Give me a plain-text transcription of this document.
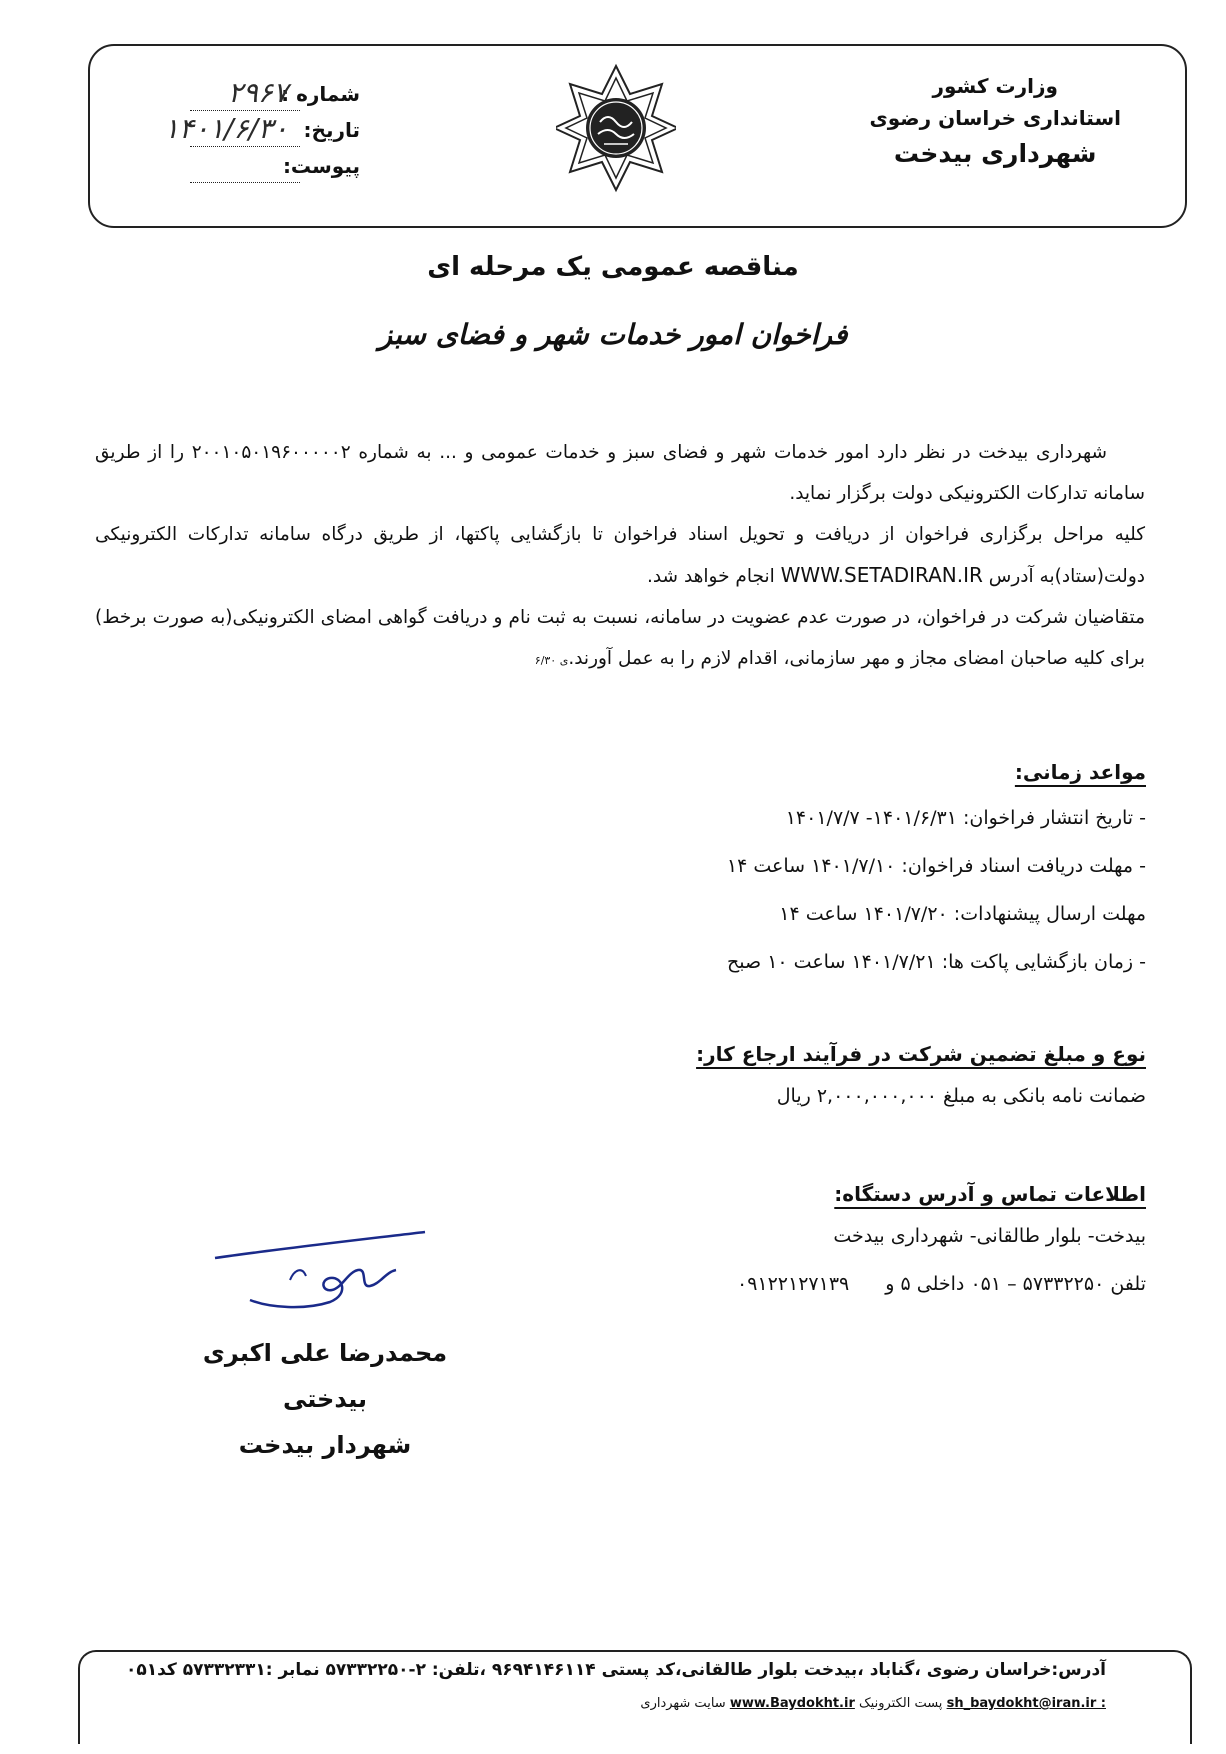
وزارت کشور
استانداری خراسان رضوی
شهرداری بیدخت
شماره :
۲۹۶۷
تاریخ:
۱۴۰۱/۶/۳۰
پیوست:
مناقصه عمومی یک مرحله ای
فراخوان امور خدمات شهر و فضای سبز

شهرداری بیدخت در نظر دارد امور خدمات شهر و فضای سبز و خدمات عمومی و ... به شماره ۲۰۰۱۰۵۰۱۹۶۰۰۰۰۰۲ را از طریق سامانه تدارکات الکترونیکی دولت برگزار نماید.

کلیه مراحل برگزاری فراخوان از دریافت و تحویل اسناد فراخوان تا بازگشایی پاکتها، از طریق درگاه سامانه تدارکات الکترونیکی دولت(ستاد)به آدرس WWW.SETADIRAN.IR انجام خواهد شد.

متقاضیان شرکت در فراخوان، در صورت عدم عضویت در سامانه، نسبت به ثبت نام و دریافت گواهی امضای الکترونیکی(به صورت برخط) برای کلیه صاحبان امضای مجاز و مهر سازمانی، اقدام لازم را به عمل آورند.ی ۶/۳۰

مواعد زمانی:
- تاریخ انتشار فراخوان: ۱۴۰۱/۶/۳۱- ۱۴۰۱/۷/۷
- مهلت دریافت اسناد فراخوان: ۱۴۰۱/۷/۱۰ ساعت ۱۴
مهلت ارسال پیشنهادات: ۱۴۰۱/۷/۲۰ ساعت ۱۴
- زمان بازگشایی پاکت ها: ۱۴۰۱/۷/۲۱ ساعت ۱۰ صبح
نوع و مبلغ تضمین شرکت در فرآیند ارجاع کار:
ضمانت نامه بانکی به مبلغ ۲,۰۰۰,۰۰۰,۰۰۰ ریال
اطلاعات تماس و آدرس دستگاه:
بیدخت- بلوار طالقانی- شهرداری بیدخت
تلفن ۵۷۳۳۲۲۵۰ – ۰۵۱ داخلی ۵ و ۰۹۱۲۲۱۲۷۱۳۹
محمدرضا علی اکبری بیدختی
شهردار بیدخت
آدرس:خراسان رضوی ،گناباد ،بیدخت بلوار طالقانی،کد پستی ۹۶۹۴۱۴۶۱۱۴ ،تلفن: ۲-۵۷۳۳۲۲۵۰ نمابر :۵۷۳۳۲۳۳۱ کد۰۵۱
sh_baydokht@iran.ir : پست الکترونیک www.Baydokht.ir سایت شهرداری
